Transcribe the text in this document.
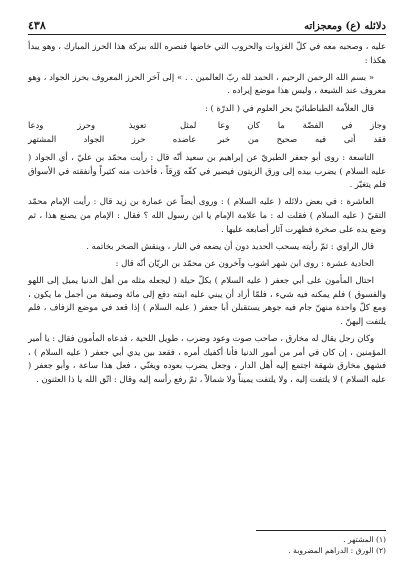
دلائله (ع) ومعجزاته
٤٣٨

عليه ، وصحبه معه في كلّ الغزوات والحروب التي خاضها فنصره الله ببركة هذا الحرز المبارك ، وهو يبدأ هكذا :

« بسم الله الرحمن الرحيم ، الحمد لله ربّ العالمين . . » إلى آخر الحرز المعروف بحرز الجواد ، وهو معروف عند الشيعة ، وليس هذا موضع إيراده .

قال العلاّمة الطباطبائيّ بحر العلوم في ( الدرّة ) :

وجاز في الفضّة ما كان وعا
لمثل تعويذ وحرز ودعا
فقد أتى فيه صحيح من خبر
عاضده حرز الجواد المشتهر

التاسعة : روى أبو جعفر الطبريّ عن إبراهيم بن سعيد أنّه قال : رأيت محمّد بن عليّ ، أي الجواد ( عليه السلام ) يضرب بيده إلى ورق الزيتون فيصير في كفّه وَرِقاً ، فأخذت منه كثيراً وأنفقته في الأسواق فلم يتغيّر .

العاشرة : في بعض دلائله ( عليه السلام ) : وروى أيضاً عن عمارة بن زيد قال : رأيت الإمام محمّد التقيّ ( عليه السلام ) فقلت له : ما علامة الإمام يا ابن رسول الله ؟ فقال : الإمام من يصنع هذا ، ثم وضع يده على صخرة فظهرت آثار أصابعه عليها .

قال الراوي : ثمّ رأيته يسحب الحديد دون أن يضعه في النار ، وينقش الصخر بخاتمه .

الحادية عشرة : روى ابن شهر اشوب وآخرون عن محمّد بن الريّان أنّه قال :

احتال المأمون على أبي جعفر ( عليه السلام ) بكلّ حيلة ( ليجعله مثله من أهل الدنيا يميل إلى اللهو والفسوق ) فلم يمكنه فيه شيء ، فلمّا أراد أن يبني عليه ابنته دفع إلى مائة وصيفة من أجمل ما يكون ، ومع كلّ واحدة منهنّ جام فيه جوهر يستقبلن أبا جعفر ( عليه السلام ) إذا قعد في موضع الزفاف ، فلم يلتفت إليهنّ .

وكان رجل يقال له مخارق ، صاحب صوت وعود وضرب ، طويل اللحية ، فدعاه المأمون فقال : يا أمير المؤمنين ، إن كان في أمر من أمور الدنيا فأنا أكفيك أمره ، فقعد بين يدي أبي جعفر ( عليه السلام ) ، فشهق مخارق شهقة اجتمع إليه أهل الدار ، وجعل يضرب بعوده ويغنّي ، فعل هذا ساعة ، وأبو جعفر ( عليه السلام ) لا يلتفت إليه ، ولا يلتفت يميناً ولا شمالاً ، ثمّ رفع رأسه إليه وقال : اتّق الله يا ذا العثنون .

(١) المشتهر .
(٢) الورق : الدراهم المضروبة .
